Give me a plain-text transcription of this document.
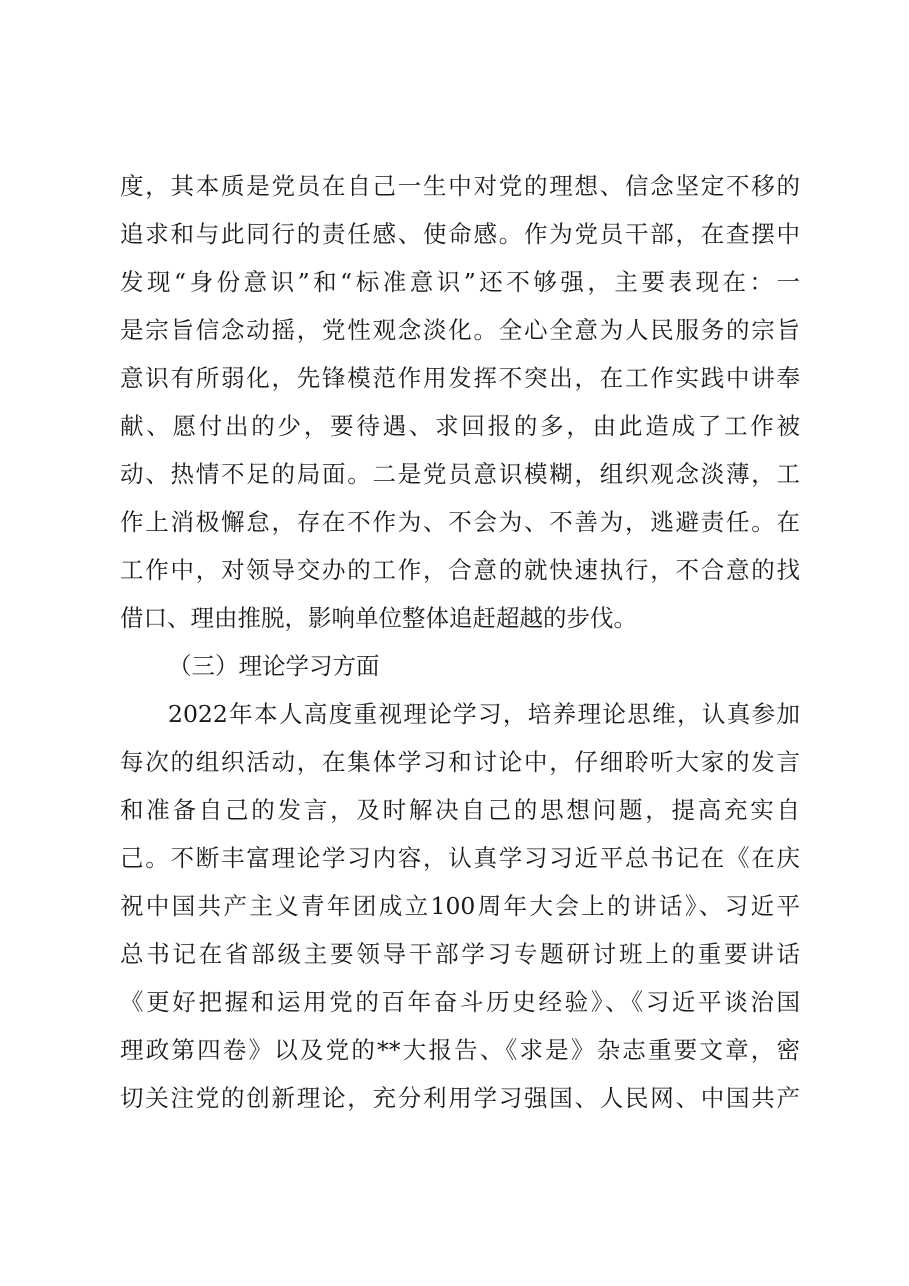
度，其本质是党员在自己一生中对党的理想、信念坚定不移的
追求和与此同行的责任感、使命感。作为党员干部，在查摆中
发现“身份意识”和“标准意识”还不够强，主要表现在：一
是宗旨信念动摇，党性观念淡化。全心全意为人民服务的宗旨
意识有所弱化，先锋模范作用发挥不突出，在工作实践中讲奉
献、愿付出的少，要待遇、求回报的多，由此造成了工作被
动、热情不足的局面。二是党员意识模糊，组织观念淡薄，工
作上消极懈怠，存在不作为、不会为、不善为，逃避责任。在
工作中，对领导交办的工作，合意的就快速执行，不合意的找
借口、理由推脱，影响单位整体追赶超越的步伐。
（三）理论学习方面
2022年本人高度重视理论学习，培养理论思维，认真参加
每次的组织活动，在集体学习和讨论中，仔细聆听大家的发言
和准备自己的发言，及时解决自己的思想问题，提高充实自
己。不断丰富理论学习内容，认真学习习近平总书记在《在庆
祝中国共产主义青年团成立100周年大会上的讲话》、习近平
总书记在省部级主要领导干部学习专题研讨班上的重要讲话
《更好把握和运用党的百年奋斗历史经验》、《习近平谈治国
理政第四卷》以及党的**大报告、《求是》杂志重要文章，密
切关注党的创新理论，充分利用学习强国、人民网、中国共产
